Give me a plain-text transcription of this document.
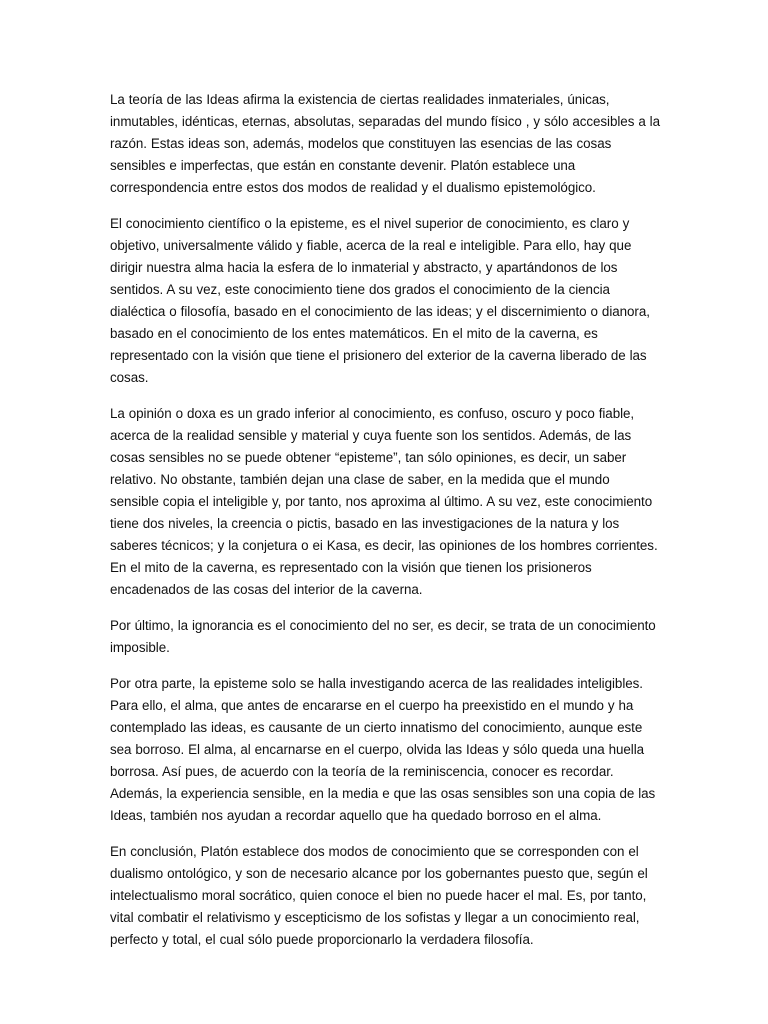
La teoría de las Ideas afirma la existencia de ciertas realidades inmateriales, únicas, inmutables, idénticas, eternas, absolutas, separadas del mundo físico , y sólo accesibles a la razón. Estas ideas son, además, modelos que constituyen las esencias de las cosas sensibles e imperfectas, que están en constante devenir. Platón establece una correspondencia entre estos dos modos de realidad y el dualismo epistemológico.

El conocimiento científico o la episteme, es el nivel superior de conocimiento, es claro y objetivo, universalmente válido y fiable, acerca de la real e inteligible. Para ello, hay que dirigir nuestra alma hacia la esfera de lo inmaterial y abstracto, y apartándonos de los sentidos. A su vez, este conocimiento tiene dos grados el conocimiento de la ciencia dialéctica o filosofía, basado en el conocimiento de las ideas; y el discernimiento o dianora, basado en el conocimiento de los entes matemáticos. En el mito de la caverna, es representado con la visión que tiene el prisionero del exterior de la caverna liberado de las cosas.

La opinión o doxa es un grado inferior al conocimiento, es confuso, oscuro y poco fiable, acerca de la realidad sensible y material y cuya fuente son los sentidos. Además, de las cosas sensibles no se puede obtener “episteme”, tan sólo opiniones, es decir, un saber relativo. No obstante, también dejan una clase de saber, en la medida que el mundo sensible copia el inteligible y, por tanto, nos aproxima al último. A su vez, este conocimiento tiene dos niveles, la creencia o pictis, basado en las investigaciones de la natura y los saberes técnicos; y la conjetura o ei Kasa, es decir, las opiniones de los hombres corrientes. En el mito de la caverna, es representado con la visión que tienen los prisioneros encadenados de las cosas del interior de la caverna.

Por último, la ignorancia es el conocimiento del no ser, es decir, se trata de un conocimiento imposible.

Por otra parte, la episteme solo se halla investigando acerca de las realidades inteligibles. Para ello, el alma, que antes de encararse en el cuerpo ha preexistido en el mundo y ha contemplado las ideas, es causante de un cierto innatismo del conocimiento, aunque este sea borroso. El alma, al encarnarse en el cuerpo, olvida las Ideas y sólo queda una huella borrosa. Así pues, de acuerdo con la teoría de la reminiscencia, conocer es recordar. Además, la experiencia sensible, en la media e que las osas sensibles son una copia de las Ideas, también nos ayudan a recordar aquello que ha quedado borroso en el alma.

En conclusión, Platón establece dos modos de conocimiento que se corresponden con el dualismo ontológico, y son de necesario alcance por los gobernantes puesto que, según el intelectualismo moral socrático, quien conoce el bien no puede hacer el mal. Es, por tanto, vital combatir el relativismo y escepticismo de los sofistas y llegar a un conocimiento real, perfecto y total, el cual sólo puede proporcionarlo la verdadera filosofía.
